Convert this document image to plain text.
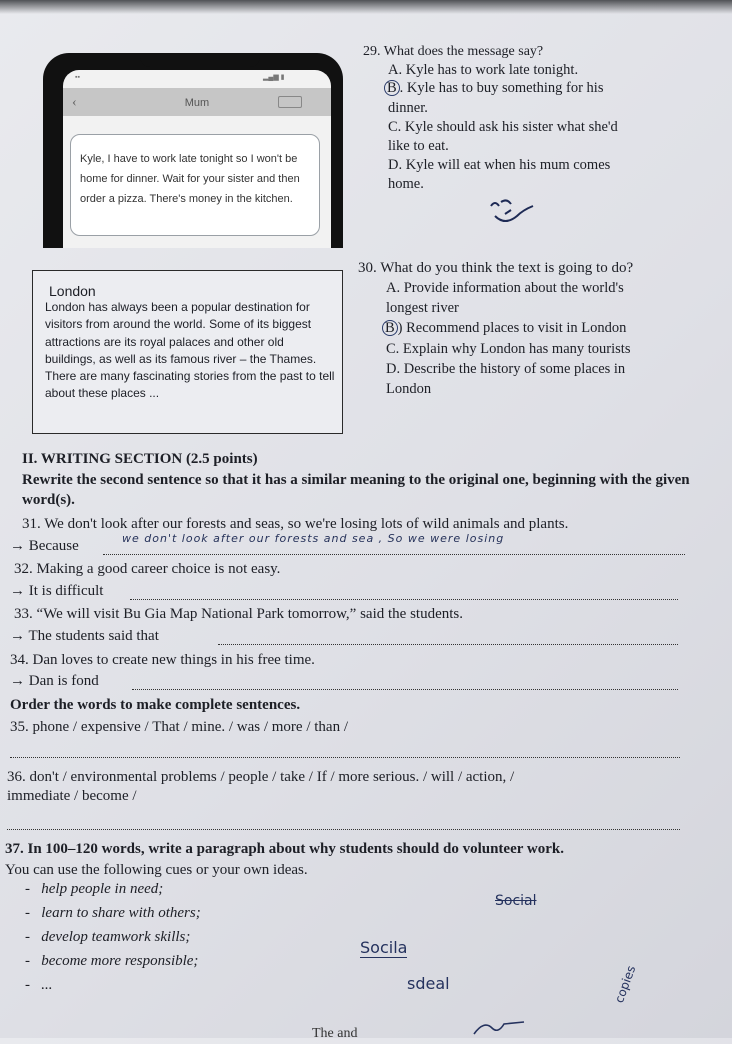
▪▪	▂▄▆ ▮
‹	Mum
Kyle, I have to work late tonight so I won't be home for dinner. Wait for your sister and then order a pizza. There's money in the kitchen.
29. What does the message say?
A. Kyle has to work late tonight.
B . Kyle has to buy something for his
dinner.
C. Kyle should ask his sister what she'd
like to eat.
D. Kyle will eat when his mum comes
home.
London
London has always been a popular destination for visitors from around the world. Some of its biggest attractions are its royal palaces and other old buildings, as well as its famous river – the Thames. There are many fascinating stories from the past to tell about these places ...
30. What do you think the text is going to do?
A. Provide information about the world's
longest river
B ) Recommend places to visit in London
C. Explain why London has many tourists
D. Describe the history of some places in
London
II. WRITING SECTION (2.5 points)
Rewrite the second sentence so that it has a similar meaning to the original one, beginning with the given word(s).
31. We don't look after our forests and seas, so we're losing lots of wild animals and plants.
→ Because	we don't look after our forests and sea , So we were losing
32. Making a good career choice is not easy.
→ It is difficult
33. “We will visit Bu Gia Map National Park tomorrow,” said the students.
→ The students said that
34. Dan loves to create new things in his free time.
→ Dan is fond
Order the words to make complete sentences.
35. phone / expensive / That / mine. / was / more / than /
36. don't / environmental problems / people / take / If / more serious. / will / action, /
immediate / become /
37. In 100–120 words, write a paragraph about why students should do volunteer work.
You can use the following cues or your own ideas.
-   help people in need;
-   learn to share with others;
-   develop teamwork skills;
-   become more responsible;
-   ...
Social
Socila
sdeal
The and
copies
